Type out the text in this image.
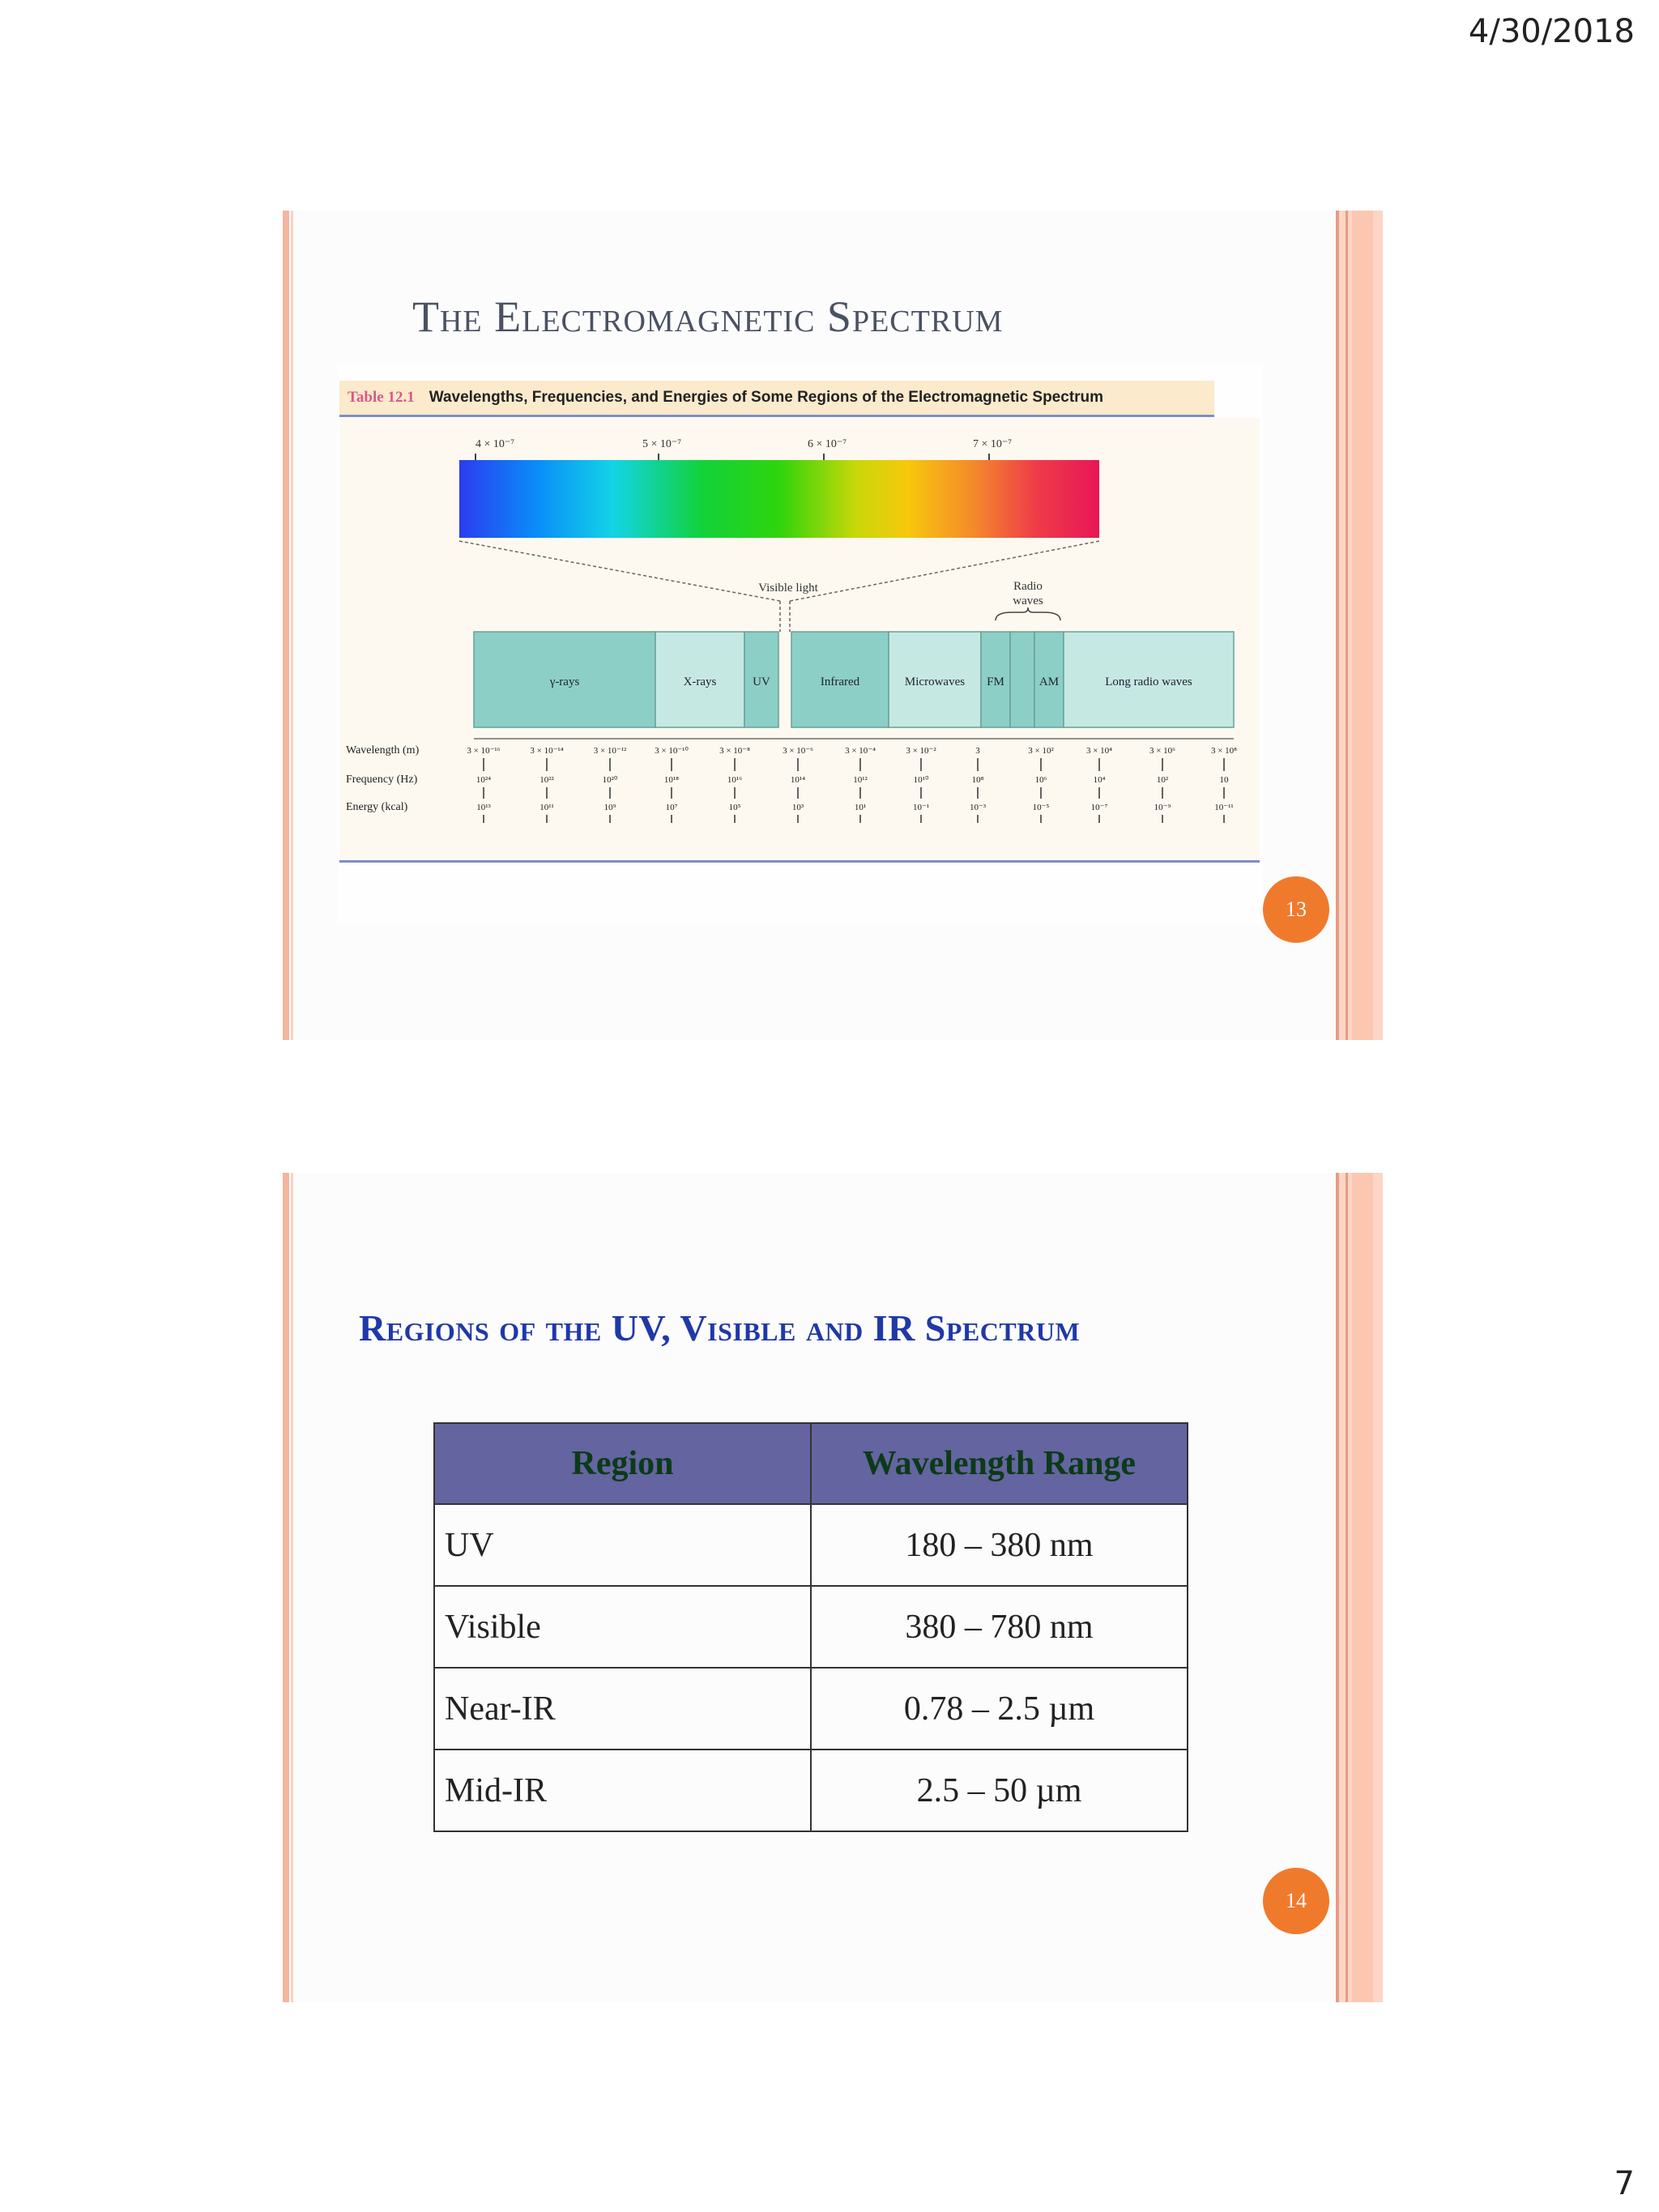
4/30/2018
The Electromagnetic Spectrum
Table 12.1 Wavelengths, Frequencies, and Energies of Some Regions of the Electromagnetic Spectrum
4 × 10⁻⁷	5 × 10⁻⁷	6 × 10⁻⁷	7 × 10⁻⁷
Visible light	Radio
waves
γ-rays	X-rays	UV	Infrared	Microwaves FM	AM	Long radio waves
Wavelength (m)
Frequency (Hz)
Energy (kcal)
3 × 10⁻¹⁶	3 × 10⁻¹⁴	3 × 10⁻¹²	3 × 10⁻¹⁰	3 × 10⁻⁸	3 × 10⁻⁶	3 × 10⁻⁴	3 × 10⁻²	3	3 × 10²	3 × 10⁴	3 × 10⁶	3 × 10⁸
10²⁴	10²²	10²⁰	10¹⁸	10¹⁶	10¹⁴	10¹²	10¹⁰	10⁸	10⁶	10⁴	10²	10
10¹³	10¹¹	10⁹	10⁷	10⁵	10³	10¹	10⁻¹	10⁻³	10⁻⁵	10⁻⁷	10⁻⁹	10⁻¹¹
13
Regions of the UV, Visible and IR Spectrum
Region	Wavelength Range
UV	180 – 380 nm
Visible	380 – 780 nm
Near-IR	0.78 – 2.5 µm
Mid-IR	2.5 – 50 µm
14
7
